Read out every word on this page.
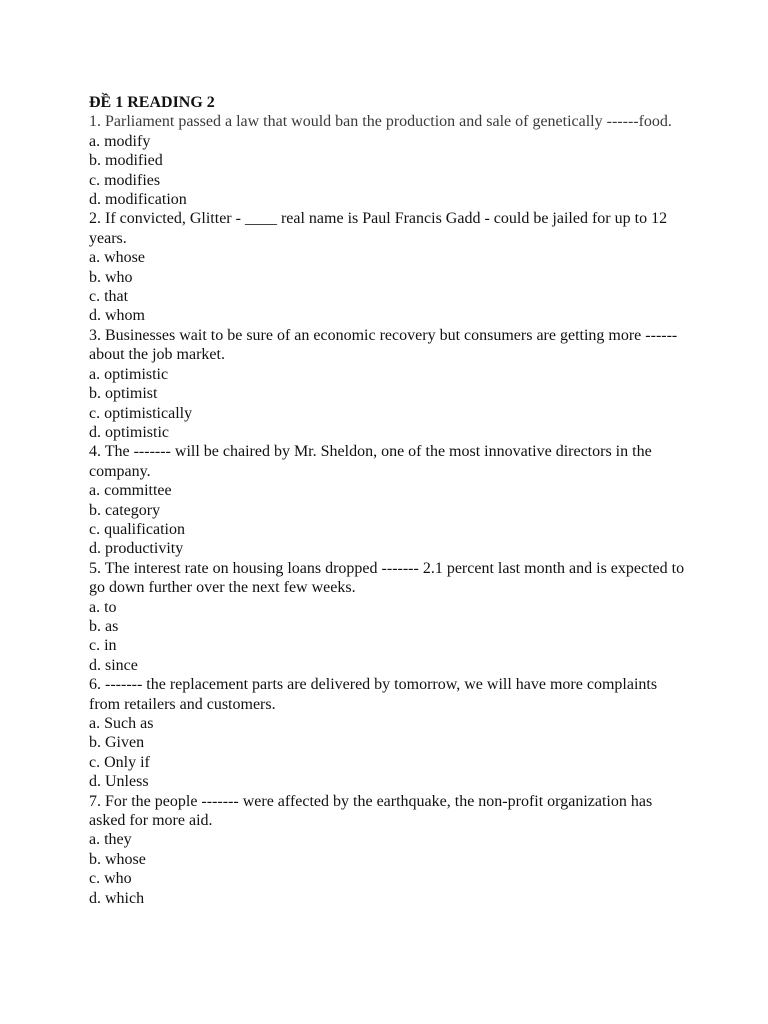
ĐỀ 1 READING 2

1. Parliament passed a law that would ban the production and sale of genetically ------food.

a. modify

b. modified

c. modifies

d. modification

2. If convicted, Glitter - ____ real name is Paul Francis Gadd - could be jailed for up to 12 years.

a. whose

b. who

c. that

d. whom

3. Businesses wait to be sure of an economic recovery but consumers are getting more ------about the job market.

a. optimistic

b. optimist

c. optimistically

d. optimistic

4. The ------- will be chaired by Mr. Sheldon, one of the most innovative directors in the company.

a. committee

b. category

c. qualification

d. productivity

5. The interest rate on housing loans dropped ------- 2.1 percent last month and is expected to go down further over the next few weeks.

a. to

b. as

c. in

d. since

6. ------- the replacement parts are delivered by tomorrow, we will have more complaints from retailers and customers.

a. Such as

b. Given

c. Only if

d. Unless

7. For the people ------- were affected by the earthquake, the non-profit organization has asked for more aid.

a. they

b. whose

c. who

d. which
